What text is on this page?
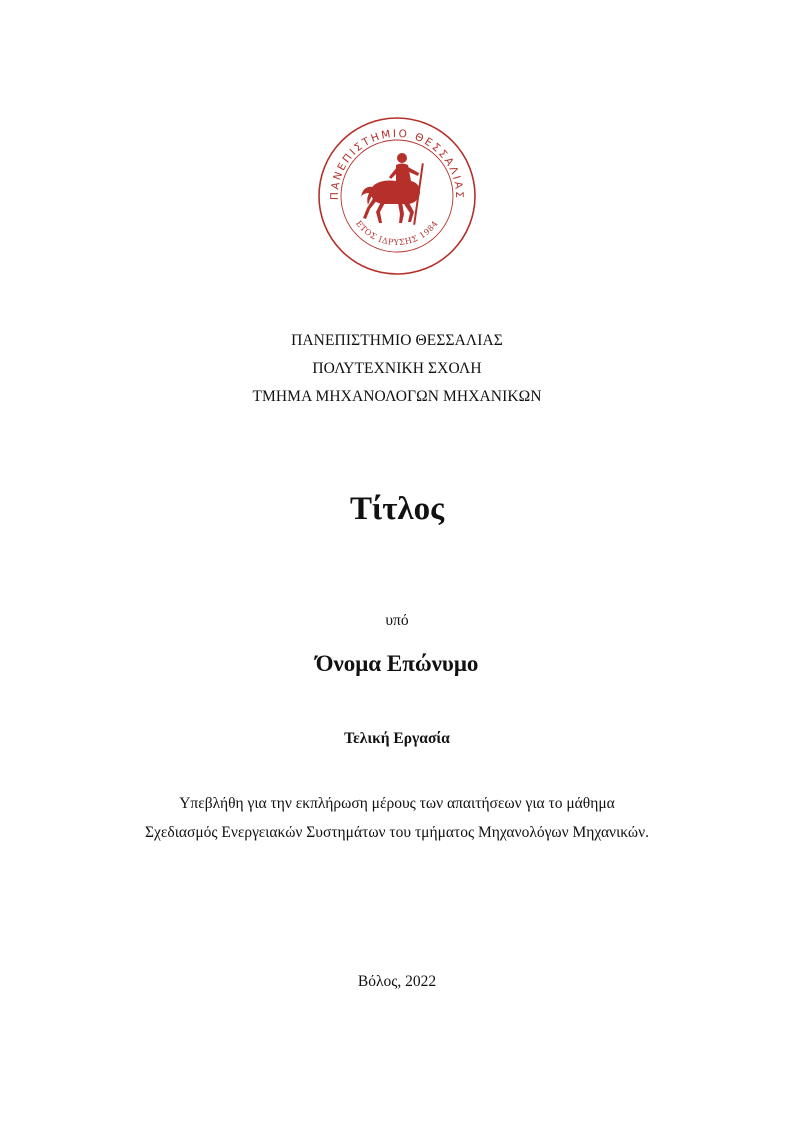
ΠΑΝΕΠΙΣΤΗΜΙΟ ΘΕΣΣΑΛΙΑΣ
ΕΤΟΣ ΙΔΡΥΣΗΣ 1984
ΠΑΝΕΠΙΣΤΗΜΙΟ ΘΕΣΣΑΛΙΑΣ
ΠΟΛΥΤΕΧΝΙΚΗ ΣΧΟΛΗ
ΤΜΗΜΑ ΜΗΧΑΝΟΛΟΓΩΝ ΜΗΧΑΝΙΚΩΝ
Τίτλος
υπό
Όνομα Επώνυμο
Τελική Εργασία
Υπεβλήθη για την εκπλήρωση μέρους των απαιτήσεων για το μάθημα
Σχεδιασμός Ενεργειακών Συστημάτων του τμήματος Μηχανολόγων Μηχανικών.
Βόλος, 2022
